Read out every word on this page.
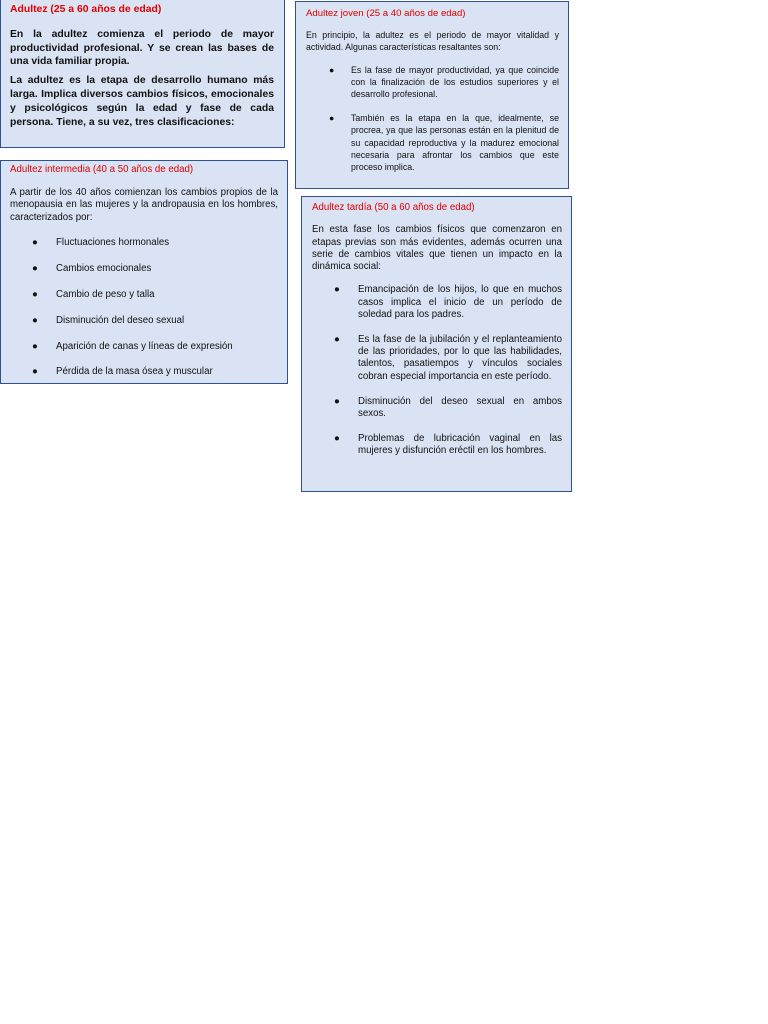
Adultez (25 a 60 años de edad)

En la adultez comienza el periodo de mayor productividad profesional. Y se crean las bases de una vida familiar propia.

La adultez es la etapa de desarrollo humano más larga. Implica diversos cambios físicos, emocionales y psicológicos según la edad y fase de cada persona. Tiene, a su vez, tres clasificaciones:

Adultez joven (25 a 40 años de edad)

En principio, la adultez es el periodo de mayor vitalidad y actividad. Algunas características resaltantes son:

● Es la fase de mayor productividad, ya que coincide con la finalización de los estudios superiores y el desarrollo profesional.

● También es la etapa en la que, idealmente, se procrea, ya que las personas están en la plenitud de su capacidad reproductiva y la madurez emocional necesaria para afrontar los cambios que este proceso implica.

Adultez intermedia (40 a 50 años de edad)

A partir de los 40 años comienzan los cambios propios de la menopausia en las mujeres y la andropausia en los hombres, caracterizados por:

● Fluctuaciones hormonales
● Cambios emocionales
● Cambio de peso y talla
● Disminución del deseo sexual
● Aparición de canas y líneas de expresión
● Pérdida de la masa ósea y muscular

Adultez tardía (50 a 60 años de edad)

En esta fase los cambios físicos que comenzaron en etapas previas son más evidentes, además ocurren una serie de cambios vitales que tienen un impacto en la dinámica social:

● Emancipación de los hijos, lo que en muchos casos implica el inicio de un período de soledad para los padres.

● Es la fase de la jubilación y el replanteamiento de las prioridades, por lo que las habilidades, talentos, pasatiempos y vínculos sociales cobran especial importancia en este período.

● Disminución del deseo sexual en ambos sexos.

● Problemas de lubricación vaginal en las mujeres y disfunción eréctil en los hombres.
